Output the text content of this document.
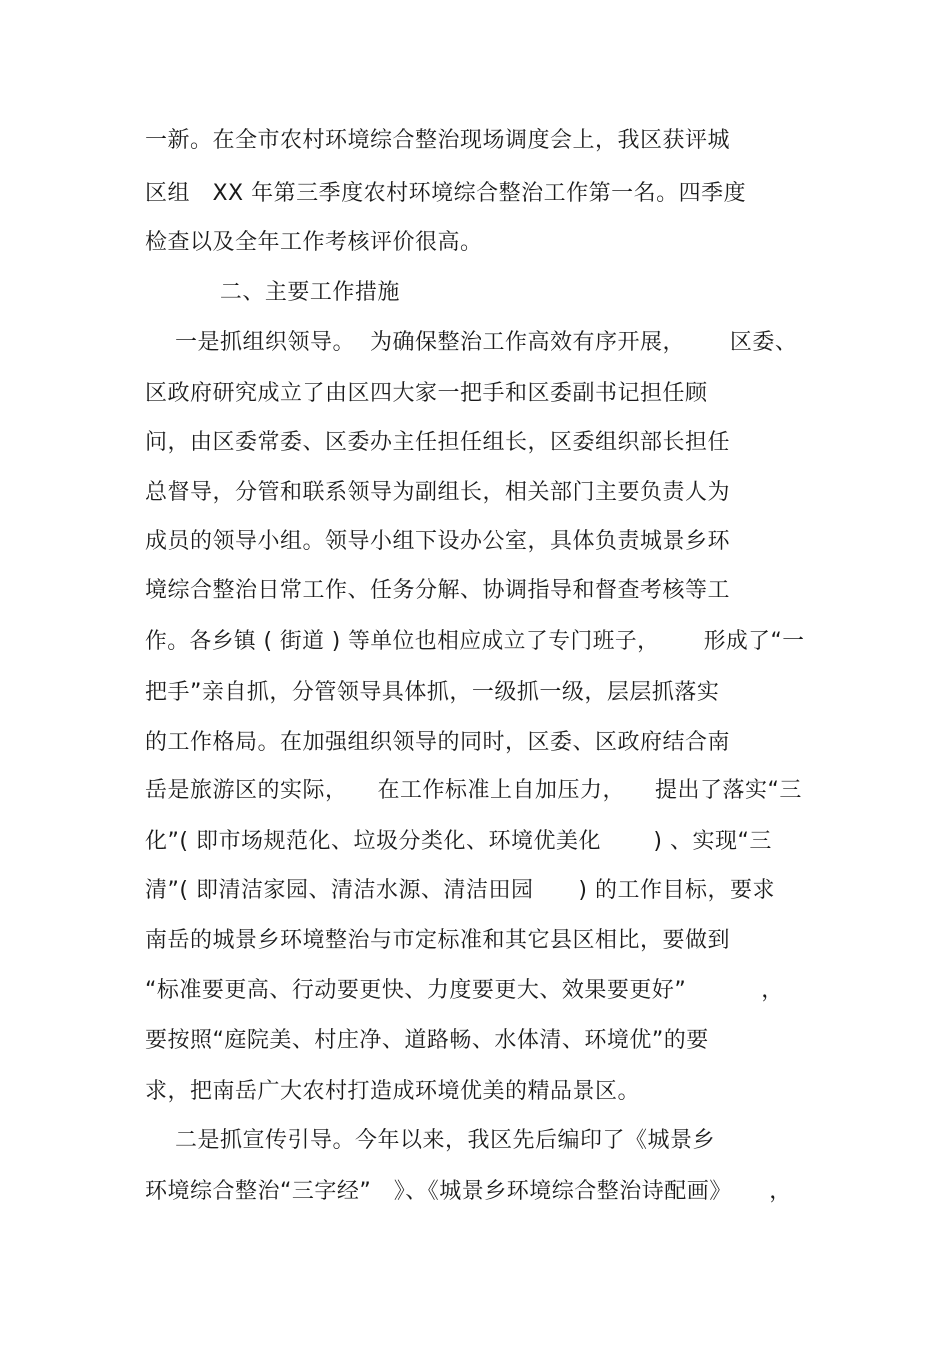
一新。在全市农村环境综合整治现场调度会上，我区获评城
区组   XX 年第三季度农村环境综合整治工作第一名。四季度
检查以及全年工作考核评价很高。
二、主要工作措施
一是抓组织领导。  为确保整治工作高效有序开展，      区委、
区政府研究成立了由区四大家一把手和区委副书记担任顾
问，由区委常委、区委办主任担任组长，区委组织部长担任
总督导，分管和联系领导为副组长，相关部门主要负责人为
成员的领导小组。领导小组下设办公室，具体负责城景乡环
境综合整治日常工作、任务分解、协调指导和督查考核等工
作。各乡镇 ( 街道 ) 等单位也相应成立了专门班子，      形成了“一
把手”亲自抓，分管领导具体抓，一级抓一级，层层抓落实
的工作格局。在加强组织领导的同时，区委、区政府结合南
岳是旅游区的实际，    在工作标准上自加压力，    提出了落实“三
化”( 即市场规范化、垃圾分类化、环境优美化       ) 、实现“三
清”( 即清洁家园、清洁水源、清洁田园      ) 的工作目标，要求
南岳的城景乡环境整治与市定标准和其它县区相比，要做到
“标准要更高、行动要更快、力度要更大、效果要更好”          ，
要按照“庭院美、村庄净、道路畅、水体清、环境优”的要
求，把南岳广大农村打造成环境优美的精品景区。
二是抓宣传引导。今年以来，我区先后编印了《城景乡
环境综合整治“三字经”   》、《城景乡环境综合整治诗配画》     ，
